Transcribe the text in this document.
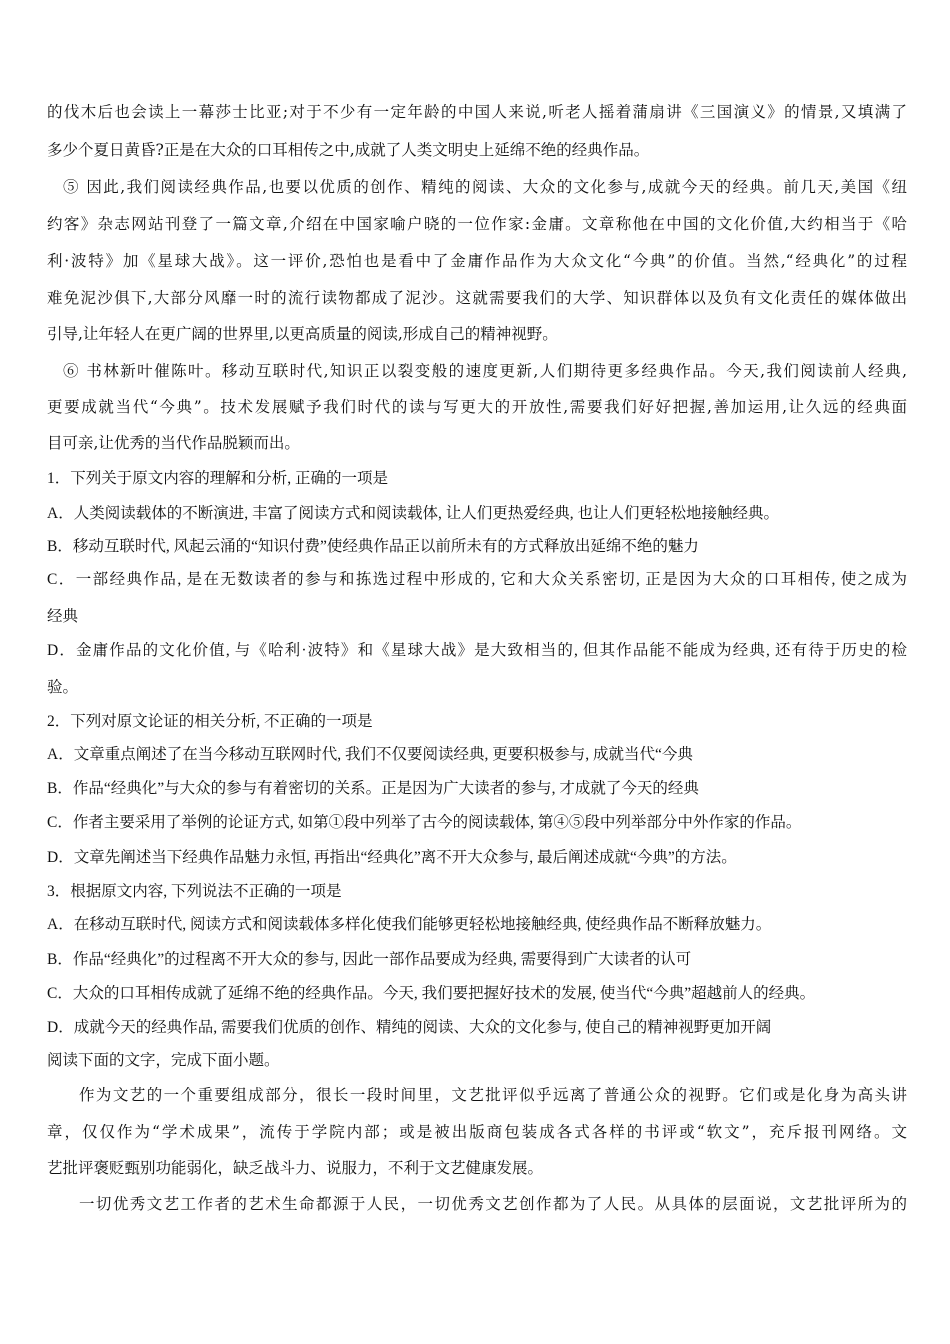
的伐木后也会读上一幕莎士比亚;对于不少有一定年龄的中国人来说,听老人摇着蒲扇讲《三国演义》的情景,又填满了
多少个夏日黄昏?正是在大众的口耳相传之中,成就了人类文明史上延绵不绝的经典作品。
⑤ 因此,我们阅读经典作品,也要以优质的创作、精纯的阅读、大众的文化参与,成就今天的经典。前几天,美国《纽
约客》杂志网站刊登了一篇文章,介绍在中国家喻户晓的一位作家:金庸。文章称他在中国的文化价值,大约相当于《哈
利·波特》加《星球大战》。这一评价,恐怕也是看中了金庸作品作为大众文化“今典”的价值。当然,“经典化”的过程
难免泥沙俱下,大部分风靡一时的流行读物都成了泥沙。这就需要我们的大学、知识群体以及负有文化责任的媒体做出
引导,让年轻人在更广阔的世界里,以更高质量的阅读,形成自己的精神视野。
⑥ 书林新叶催陈叶。移动互联时代,知识正以裂变般的速度更新,人们期待更多经典作品。今天,我们阅读前人经典,
更要成就当代“今典”。技术发展赋予我们时代的读与写更大的开放性,需要我们好好把握,善加运用,让久远的经典面
目可亲,让优秀的当代作品脱颖而出。
1．下列关于原文内容的理解和分析, 正确的一项是
A．人类阅读载体的不断演进, 丰富了阅读方式和阅读载体, 让人们更热爱经典, 也让人们更轻松地接触经典。
B．移动互联时代, 风起云涌的“知识付费”使经典作品正以前所未有的方式释放出延绵不绝的魅力
C．一部经典作品, 是在无数读者的参与和拣选过程中形成的, 它和大众关系密切, 正是因为大众的口耳相传, 使之成为
经典
D．金庸作品的文化价值, 与《哈利·波特》和《星球大战》是大致相当的, 但其作品能不能成为经典, 还有待于历史的检
验。
2．下列对原文论证的相关分析, 不正确的一项是
A．文章重点阐述了在当今移动互联网时代, 我们不仅要阅读经典, 更要积极参与, 成就当代“今典
B．作品“经典化”与大众的参与有着密切的关系。正是因为广大读者的参与, 才成就了今天的经典
C．作者主要采用了举例的论证方式, 如第①段中列举了古今的阅读载体, 第④⑤段中列举部分中外作家的作品。
D．文章先阐述当下经典作品魅力永恒, 再指出“经典化”离不开大众参与, 最后阐述成就“今典”的方法。
3．根据原文内容, 下列说法不正确的一项是
A．在移动互联时代, 阅读方式和阅读载体多样化使我们能够更轻松地接触经典, 使经典作品不断释放魅力。
B．作品“经典化”的过程离不开大众的参与, 因此一部作品要成为经典, 需要得到广大读者的认可
C．大众的口耳相传成就了延绵不绝的经典作品。今天, 我们要把握好技术的发展, 使当代“今典”超越前人的经典。
D．成就今天的经典作品, 需要我们优质的创作、精纯的阅读、大众的文化参与, 使自己的精神视野更加开阔
阅读下面的文字，完成下面小题。
作为文艺的一个重要组成部分，很长一段时间里，文艺批评似乎远离了普通公众的视野。它们或是化身为高头讲
章，仅仅作为“学术成果”，流传于学院内部；或是被出版商包装成各式各样的书评或“软文”，充斥报刊网络。文
艺批评褒贬甄别功能弱化，缺乏战斗力、说服力，不利于文艺健康发展。
一切优秀文艺工作者的艺术生命都源于人民，一切优秀文艺创作都为了人民。从具体的层面说，文艺批评所为的
